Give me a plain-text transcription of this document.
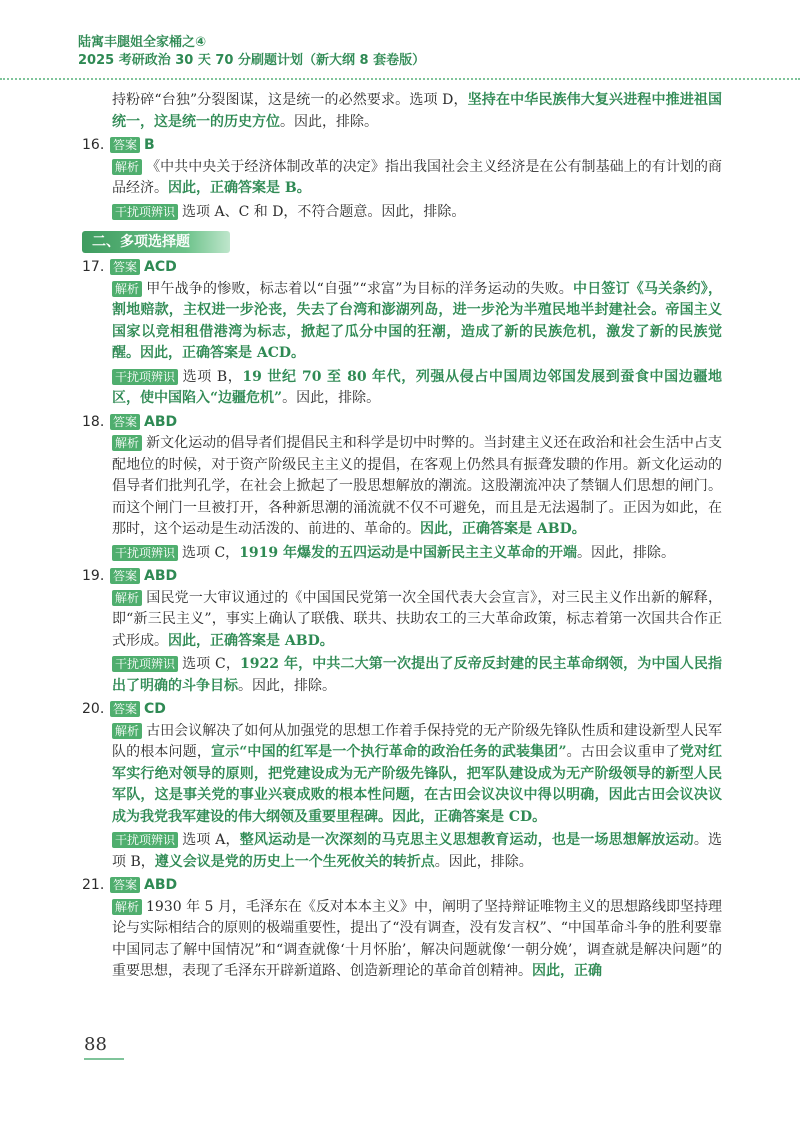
陆寓丰腿姐全家桶之④
2025 考研政治 30 天 70 分刷题计划（新大纲 8 套卷版）

持粉碎“台独”分裂图谋，这是统一的必然要求。选项 D，坚持在中华民族伟大复兴进程中推进祖国统一，这是统一的历史方位。因此，排除。

16. 答案 B

解析 《中共中央关于经济体制改革的决定》指出我国社会主义经济是在公有制基础上的有计划的商品经济。因此，正确答案是 B。

干扰项辨识 选项 A、C 和 D，不符合题意。因此，排除。

二、多项选择题

17. 答案 ACD

解析 甲午战争的惨败，标志着以“自强”“求富”为目标的洋务运动的失败。中日签订《马关条约》，割地赔款，主权进一步沦丧，失去了台湾和澎湖列岛，进一步沦为半殖民地半封建社会。帝国主义国家以竞相租借港湾为标志，掀起了瓜分中国的狂潮，造成了新的民族危机，激发了新的民族觉醒。因此，正确答案是 ACD。

干扰项辨识 选项 B，19 世纪 70 至 80 年代，列强从侵占中国周边邻国发展到蚕食中国边疆地区，使中国陷入“边疆危机”。因此，排除。

18. 答案 ABD

解析 新文化运动的倡导者们提倡民主和科学是切中时弊的。当封建主义还在政治和社会生活中占支配地位的时候，对于资产阶级民主主义的提倡，在客观上仍然具有振聋发聩的作用。新文化运动的倡导者们批判孔学，在社会上掀起了一股思想解放的潮流。这股潮流冲决了禁锢人们思想的闸门。而这个闸门一旦被打开，各种新思潮的涌流就不仅不可避免，而且是无法遏制了。正因为如此，在那时，这个运动是生动活泼的、前进的、革命的。因此，正确答案是 ABD。

干扰项辨识 选项 C，1919 年爆发的五四运动是中国新民主主义革命的开端。因此，排除。

19. 答案 ABD

解析 国民党一大审议通过的《中国国民党第一次全国代表大会宣言》，对三民主义作出新的解释，即“新三民主义”，事实上确认了联俄、联共、扶助农工的三大革命政策，标志着第一次国共合作正式形成。因此，正确答案是 ABD。

干扰项辨识 选项 C，1922 年，中共二大第一次提出了反帝反封建的民主革命纲领，为中国人民指出了明确的斗争目标。因此，排除。

20. 答案 CD

解析 古田会议解决了如何从加强党的思想工作着手保持党的无产阶级先锋队性质和建设新型人民军队的根本问题，宣示“中国的红军是一个执行革命的政治任务的武装集团”。古田会议重申了党对红军实行绝对领导的原则，把党建设成为无产阶级先锋队，把军队建设成为无产阶级领导的新型人民军队，这是事关党的事业兴衰成败的根本性问题，在古田会议决议中得以明确，因此古田会议决议成为我党我军建设的伟大纲领及重要里程碑。因此，正确答案是 CD。

干扰项辨识 选项 A，整风运动是一次深刻的马克思主义思想教育运动，也是一场思想解放运动。选项 B，遵义会议是党的历史上一个生死攸关的转折点。因此，排除。

21. 答案 ABD

解析 1930 年 5 月，毛泽东在《反对本本主义》中，阐明了坚持辩证唯物主义的思想路线即坚持理论与实际相结合的原则的极端重要性，提出了“没有调查，没有发言权”、“中国革命斗争的胜利要靠中国同志了解中国情况”和“调查就像‘十月怀胎’，解决问题就像‘一朝分娩’，调查就是解决问题”的重要思想，表现了毛泽东开辟新道路、创造新理论的革命首创精神。因此，正确

88
